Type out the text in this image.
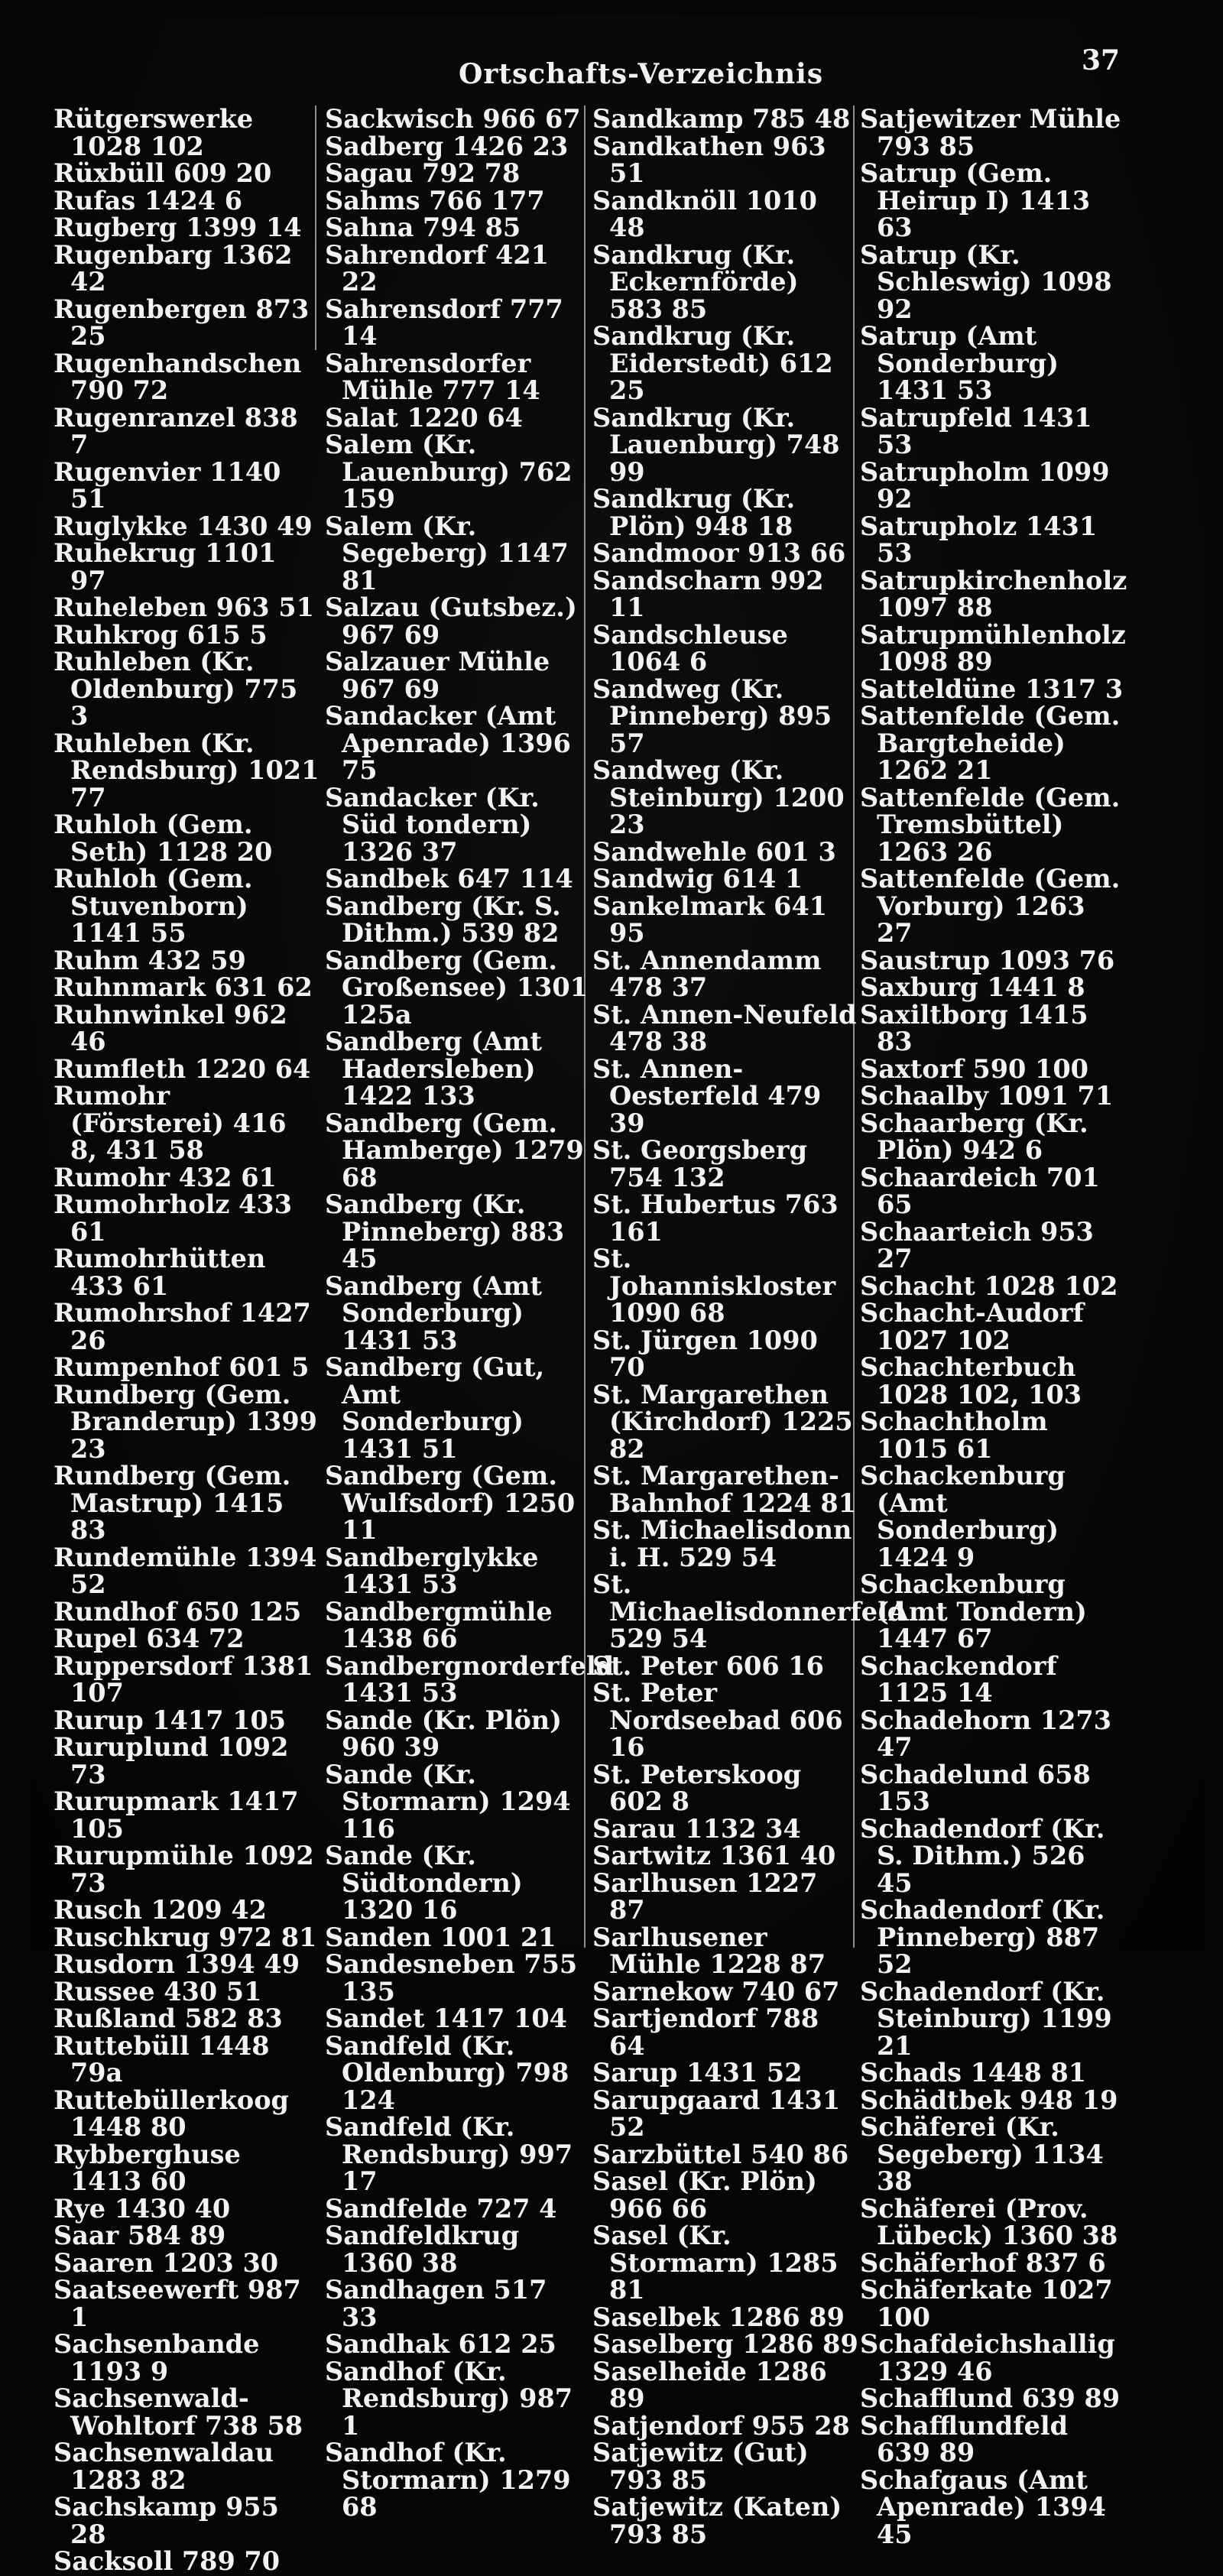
Ortschafts-Verzeichnis	37

Rütgerswerke 1028 102

Rüxbüll 609 20

Rufas 1424 6

Rugberg 1399 14

Rugenbarg 1362 42

Rugenbergen 873 25

Rugenhandschen 790 72

Rugenranzel 838 7

Rugenvier 1140 51

Ruglykke 1430 49

Ruhekrug 1101 97

Ruheleben 963 51

Ruhkrog 615 5

Ruhleben (Kr. Oldenburg) 775 3

Ruhleben (Kr. Rendsburg) 1021 77

Ruhloh (Gem. Seth) 1128 20

Ruhloh (Gem. Stuvenborn) 1141 55

Ruhm 432 59

Ruhnmark 631 62

Ruhnwinkel 962 46

Rumfleth 1220 64

Rumohr (Försterei) 416 8, 431 58

Rumohr 432 61

Rumohrholz 433 61

Rumohrhütten 433 61

Rumohrshof 1427 26

Rumpenhof 601 5

Rundberg (Gem. Branderup) 1399 23

Rundberg (Gem. Mastrup) 1415 83

Rundemühle 1394 52

Rundhof 650 125

Rupel 634 72

Ruppersdorf 1381 107

Rurup 1417 105

Ruruplund 1092 73

Rurupmark 1417 105

Rurupmühle 1092 73

Rusch 1209 42

Ruschkrug 972 81

Rusdorn 1394 49

Russee 430 51

Rußland 582 83

Ruttebüll 1448 79a

Ruttebüllerkoog 1448 80

Rybberghuse 1413 60

Rye 1430 40

Saar 584 89

Saaren 1203 30

Saatseewerft 987 1

Sachsenbande 1193 9

Sachsenwald-Wohltorf 738 58

Sachsenwaldau 1283 82

Sachskamp 955 28

Sacksoll 789 70

Sackwisch 966 67

Sadberg 1426 23

Sagau 792 78

Sahms 766 177

Sahna 794 85

Sahrendorf 421 22

Sahrensdorf 777 14

Sahrensdorfer Mühle 777 14

Salat 1220 64

Salem (Kr. Lauenburg) 762 159

Salem (Kr. Segeberg) 1147 81

Salzau (Gutsbez.) 967 69

Salzauer Mühle 967 69

Sandacker (Amt Apenrade) 1396 75

Sandacker (Kr. Süd tondern) 1326 37

Sandbek 647 114

Sandberg (Kr. S. Dithm.) 539 82

Sandberg (Gem. Großensee) 1301 125a

Sandberg (Amt Hadersleben) 1422 133

Sandberg (Gem. Hamberge) 1279 68

Sandberg (Kr. Pinneberg) 883 45

Sandberg (Amt Sonderburg) 1431 53

Sandberg (Gut, Amt Sonderburg) 1431 51

Sandberg (Gem. Wulfsdorf) 1250 11

Sandberglykke 1431 53

Sandbergmühle 1438 66

Sandbergnorderfeld 1431 53

Sande (Kr. Plön) 960 39

Sande (Kr. Stormarn) 1294 116

Sande (Kr. Südtondern) 1320 16

Sanden 1001 21

Sandesneben 755 135

Sandet 1417 104

Sandfeld (Kr. Oldenburg) 798 124

Sandfeld (Kr. Rendsburg) 997 17

Sandfelde 727 4

Sandfeldkrug 1360 38

Sandhagen 517 33

Sandhak 612 25

Sandhof (Kr. Rendsburg) 987 1

Sandhof (Kr. Stormarn) 1279 68

Sandkamp 785 48

Sandkathen 963 51

Sandknöll 1010 48

Sandkrug (Kr. Eckernförde) 583 85

Sandkrug (Kr. Eiderstedt) 612 25

Sandkrug (Kr. Lauenburg) 748 99

Sandkrug (Kr. Plön) 948 18

Sandmoor 913 66

Sandscharn 992 11

Sandschleuse 1064 6

Sandweg (Kr. Pinneberg) 895 57

Sandweg (Kr. Steinburg) 1200 23

Sandwehle 601 3

Sandwig 614 1

Sankelmark 641 95

St. Annendamm 478 37

St. Annen-Neufeld 478 38

St. Annen-Oesterfeld 479 39

St. Georgsberg 754 132

St. Hubertus 763 161

St. Johanniskloster 1090 68

St. Jürgen 1090 70

St. Margarethen (Kirchdorf) 1225 82

St. Margarethen-Bahnhof 1224 81

St. Michaelisdonn i. H. 529 54

St. Michaelisdonnerfeld 529 54

St. Peter 606 16

St. Peter Nordseebad 606 16

St. Peterskoog 602 8

Sarau 1132 34

Sartwitz 1361 40

Sarlhusen 1227 87

Sarlhusener Mühle 1228 87

Sarnekow 740 67

Sartjendorf 788 64

Sarup 1431 52

Sarupgaard 1431 52

Sarzbüttel 540 86

Sasel (Kr. Plön) 966 66

Sasel (Kr. Stormarn) 1285 81

Saselbek 1286 89

Saselberg 1286 89

Saselheide 1286 89

Satjendorf 955 28

Satjewitz (Gut) 793 85

Satjewitz (Katen) 793 85

Satjewitzer Mühle 793 85

Satrup (Gem. Heirup I) 1413 63

Satrup (Kr. Schleswig) 1098 92

Satrup (Amt Sonderburg) 1431 53

Satrupfeld 1431 53

Satrupholm 1099 92

Satrupholz 1431 53

Satrupkirchenholz 1097 88

Satrupmühlenholz 1098 89

Satteldüne 1317 3

Sattenfelde (Gem. Bargteheide) 1262 21

Sattenfelde (Gem. Tremsbüttel) 1263 26

Sattenfelde (Gem. Vorburg) 1263 27

Saustrup 1093 76

Saxburg 1441 8

Saxiltborg 1415 83

Saxtorf 590 100

Schaalby 1091 71

Schaarberg (Kr. Plön) 942 6

Schaardeich 701 65

Schaarteich 953 27

Schacht 1028 102

Schacht-Audorf 1027 102

Schachterbuch 1028 102, 103

Schachtholm 1015 61

Schackenburg (Amt Sonderburg) 1424 9

Schackenburg (Amt Tondern) 1447 67

Schackendorf 1125 14

Schadehorn 1273 47

Schadelund 658 153

Schadendorf (Kr. S. Dithm.) 526 45

Schadendorf (Kr. Pinneberg) 887 52

Schadendorf (Kr. Steinburg) 1199 21

Schads 1448 81

Schädtbek 948 19

Schäferei (Kr. Segeberg) 1134 38

Schäferei (Prov. Lübeck) 1360 38

Schäferhof 837 6

Schäferkate 1027 100

Schafdeichshallig 1329 46

Schafflund 639 89

Schafflundfeld 639 89

Schafgaus (Amt Apenrade) 1394 45
